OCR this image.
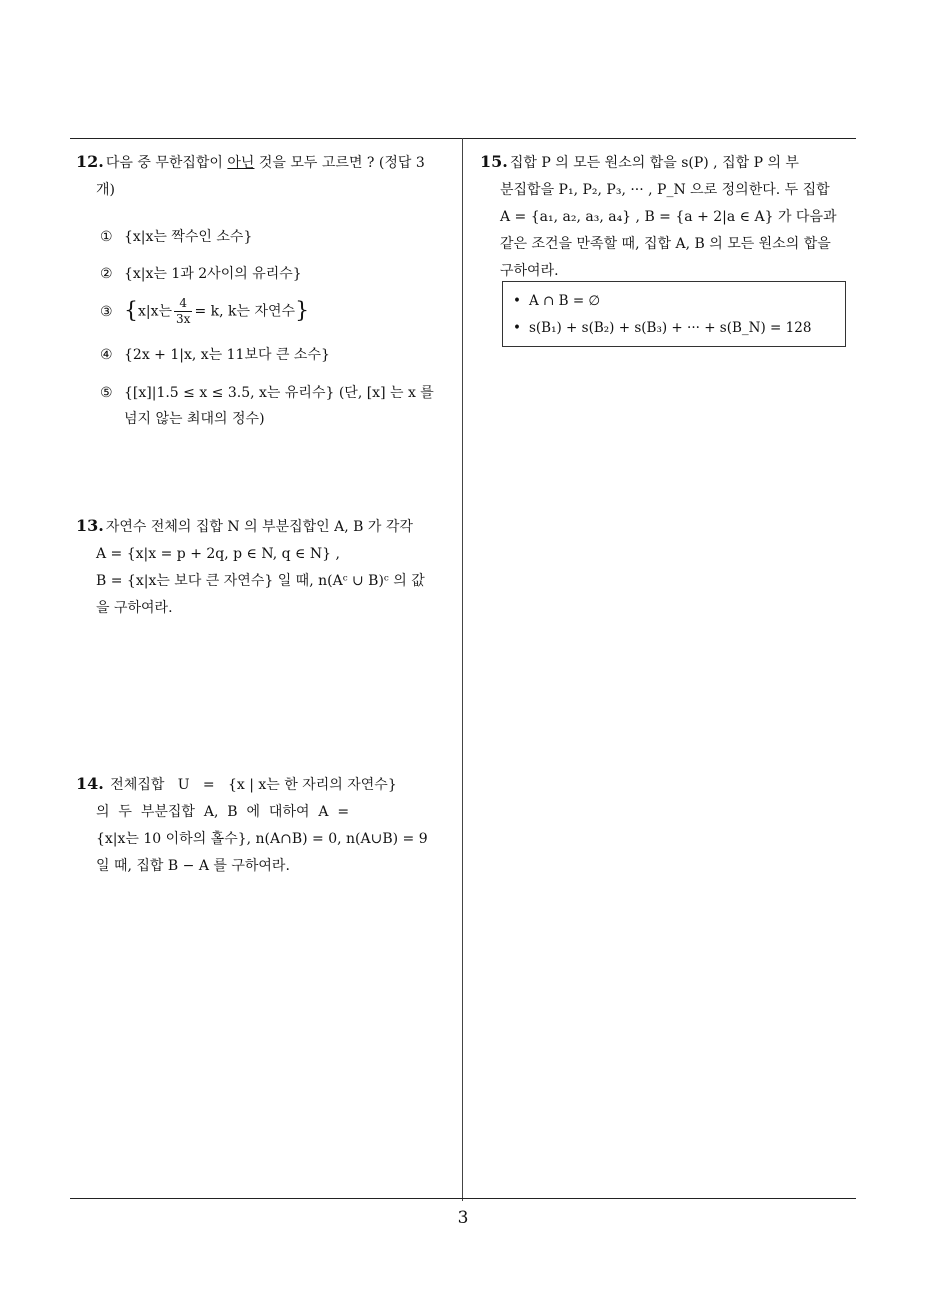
12. 다음 중 무한집합이 아닌 것을 모두 고르면 ? (정답 3
개)
① {x|x는 짝수인 소수}
② {x|x는 1과 2사이의 유리수}
③ {x|x는 $\frac{4}{3x} = k$, k는 자연수}
④ {2x + 1|x, x는 11보다 큰 소수}
⑤ {[x]|1.5 ≤ x ≤ 3.5, x는 유리수} (단, [x] 는 x 를
넘지 않는 최대의 정수)
13. 자연수 전체의 집합 N 의 부분집합인 A, B 가 각각
A = {x|x = p + 2q, p ∈ N, q ∈ N} ,
B = {x|x는 보다 큰 자연수} 일 때, n(Aᶜ ∪ B)ᶜ 의 값
을 구하여라.
14. 전체집합   U   =   {x | x는 한 자리의 자연수}
의  두  부분집합  A,  B  에  대하여  A  =
{x|x는 10 이하의 홀수}, n(A∩B) = 0, n(A∪B) = 9
일 때, 집합 B − A 를 구하여라.
15. 집합 P 의 모든 원소의 합을 s(P) , 집합 P 의 부
분집합을 P₁, P₂, P₃, ··· , P_N 으로 정의한다. 두 집합
A = {a₁, a₂, a₃, a₄} , B = {a + 2|a ∈ A} 가 다음과
같은 조건을 만족할 때, 집합 A, B 의 모든 원소의 합을
구하여라.
• A ∩ B = ∅
• s(B₁) + s(B₂) + s(B₃) + ··· + s(B_N) = 128
3
